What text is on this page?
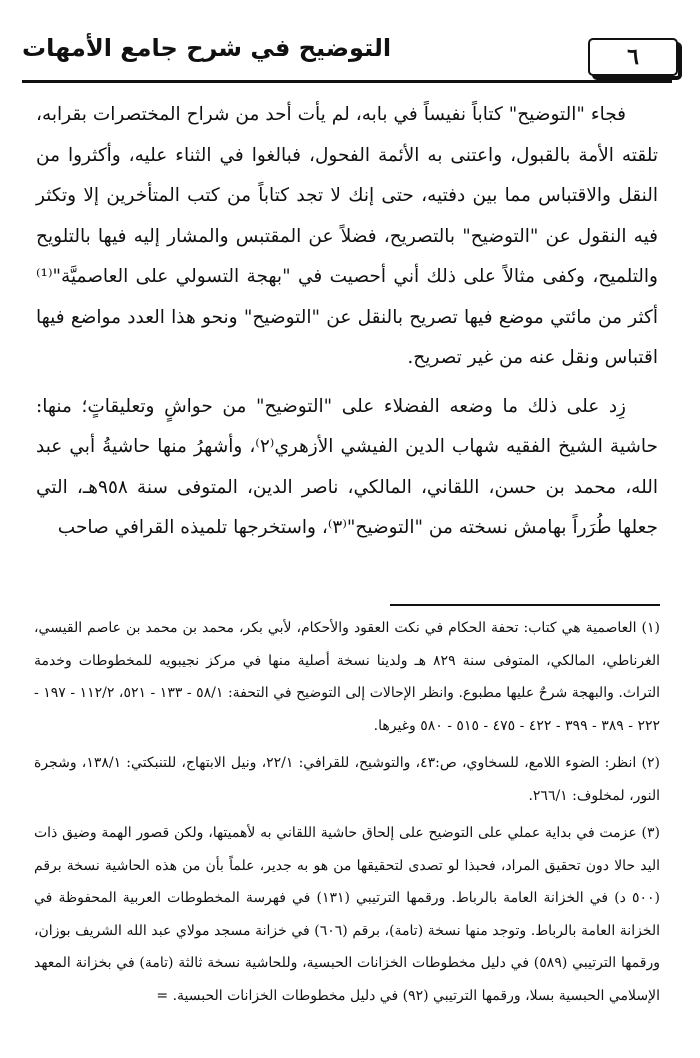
٦
التوضيح في شرح جامع الأمهات

فجاء "التوضيح" كتاباً نفيساً في بابه، لم يأت أحد من شراح المختصرات بقرابه، تلقته الأمة بالقبول، واعتنى به الأئمة الفحول، فبالغوا في الثناء عليه، وأكثروا من النقل والاقتباس مما بين دفتيه، حتى إنك لا تجد كتاباً من كتب المتأخرين إلا وتكثر فيه النقول عن "التوضيح" بالتصريح، فضلاً عن المقتبس والمشار إليه فيها بالتلويح والتلميح، وكفى مثالاً على ذلك أني أحصيت في "بهجة التسولي على العاصميَّة"⁽¹⁾ أكثر من مائتي موضع فيها تصريح بالنقل عن "التوضيح" ونحو هذا العدد مواضع فيها اقتباس ونقل عنه من غير تصريح.

زِد على ذلك ما وضعه الفضلاء على "التوضيح" من حواشٍ وتعليقاتٍ؛ منها: حاشية الشيخ الفقيه شهاب الدين الفيشي الأزهري⁽٢⁾، وأشهرُ منها حاشيةُ أبي عبد الله، محمد بن حسن، اللقاني، المالكي، ناصر الدين، المتوفى سنة ٩٥٨هـ، التي جعلها طُرَراً بهامش نسخته من "التوضيح"⁽٣⁾، واستخرجها تلميذه القرافي صاحب

(١) العاصمية هي كتاب: تحفة الحكام في نكت العقود والأحكام، لأبي بكر، محمد بن محمد بن عاصم القيسي، الغرناطي، المالكي، المتوفى سنة ٨٢٩ هـ ولدينا نسخة أصلية منها في مركز نجيبويه للمخطوطات وخدمة التراث. والبهجة شرحٌ عليها مطبوع. وانظر الإحالات إلى التوضيح في التحفة: ٥٨/١ - ١٣٣ - ٥٢١، ١١٢/٢ - ١٩٧ - ٢٢٢ - ٣٨٩ - ٣٩٩ - ٤٢٢ - ٤٧٥ - ٥١٥ - ٥٨٠ وغيرها.

(٢) انظر: الضوء اللامع، للسخاوي، ص:٤٣، والتوشيح، للقرافي: ٢٢/١، ونيل الابتهاج، للتنبكتي: ١٣٨/١، وشجرة النور، لمخلوف: ٢٦٦/١.

(٣) عزمت في بداية عملي على التوضيح على إلحاق حاشية اللقاني به لأهميتها، ولكن قصور الهمة وضيق ذات اليد حالا دون تحقيق المراد، فحبذا لو تصدى لتحقيقها من هو به جدير، علماً بأن من هذه الحاشية نسخة برقم (٥٠٠ د) في الخزانة العامة بالرباط. ورقمها الترتيبي (١٣١) في فهرسة المخطوطات العربية المحفوظة في الخزانة العامة بالرباط. وتوجد منها نسخة (تامة)، برقم (٦٠٦) في خزانة مسجد مولاي عبد الله الشريف بوزان، ورقمها الترتيبي (٥٨٩) في دليل مخطوطات الخزانات الحبسية، وللحاشية نسخة ثالثة (تامة) في بخزانة المعهد الإسلامي الحبسية بسلا، ورقمها الترتيبي (٩٢) في دليل مخطوطات الخزانات الحبسية. =
